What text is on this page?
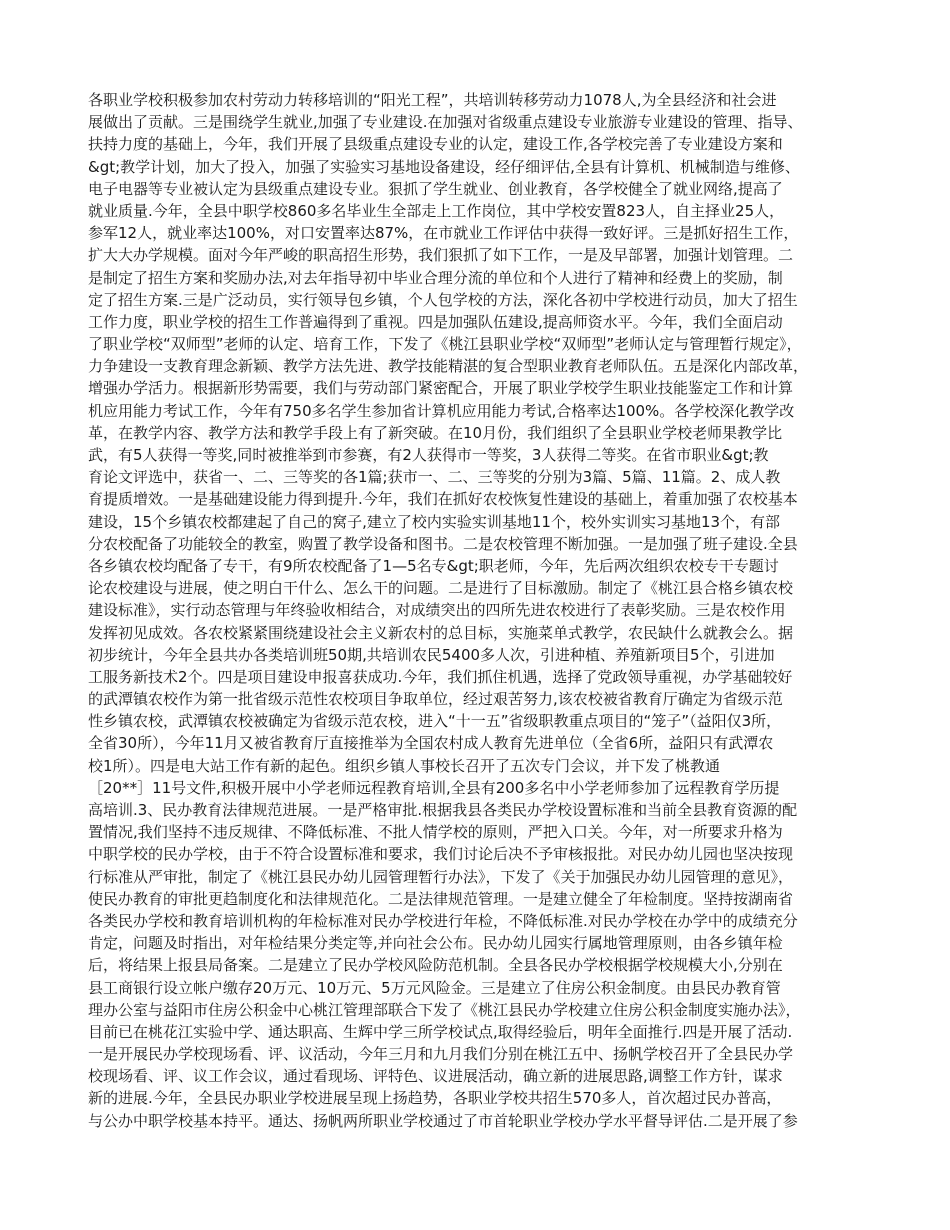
各职业学校积极参加农村劳动力转移培训的“阳光工程”，共培训转移劳动力1078人,为全县经济和社会进
展做出了贡献。三是围绕学生就业,加强了专业建设.在加强对省级重点建设专业旅游专业建设的管理、指导、
扶持力度的基础上，今年，我们开展了县级重点建设专业的认定，建设工作,各学校完善了专业建设方案和
&gt;教学计划，加大了投入，加强了实验实习基地设备建设，经仔细评估,全县有计算机、机械制造与维修、
电子电器等专业被认定为县级重点建设专业。狠抓了学生就业、创业教育，各学校健全了就业网络,提高了
就业质量.今年，全县中职学校860多名毕业生全部走上工作岗位，其中学校安置823人，自主择业25人，
参军12人，就业率达100%，对口安置率达87%，在市就业工作评估中获得一致好评。三是抓好招生工作，
扩大大办学规模。面对今年严峻的职高招生形势，我们狠抓了如下工作，一是及早部署，加强计划管理。二
是制定了招生方案和奖励办法,对去年指导初中毕业合理分流的单位和个人进行了精神和经费上的奖励，制
定了招生方案.三是广泛动员，实行领导包乡镇，个人包学校的方法，深化各初中学校进行动员，加大了招生
工作力度，职业学校的招生工作普遍得到了重视。四是加强队伍建设,提高师资水平。今年，我们全面启动
了职业学校“双师型”老师的认定、培育工作，下发了《桃江县职业学校“双师型”老师认定与管理暂行规定》，
力争建设一支教育理念新颖、教学方法先进、教学技能精湛的复合型职业教育老师队伍。五是深化内部改革，
增强办学活力。根据新形势需要，我们与劳动部门紧密配合，开展了职业学校学生职业技能鉴定工作和计算
机应用能力考试工作，今年有750多名学生参加省计算机应用能力考试,合格率达100%。各学校深化教学改
革，在教学内容、教学方法和教学手段上有了新突破。在10月份，我们组织了全县职业学校老师果教学比
武，有5人获得一等奖,同时被推举到市参赛，有2人获得市一等奖，3人获得二等奖。在省市职业&gt;教
育论文评选中，获省一、二、三等奖的各1篇;获市一、二、三等奖的分别为3篇、5篇、11篇。2、成人教
育提质增效。一是基础建设能力得到提升.今年，我们在抓好农校恢复性建设的基础上，着重加强了农校基本
建设，15个乡镇农校都建起了自己的窝子,建立了校内实验实训基地11个，校外实训实习基地13个，有部
分农校配备了功能较全的教室，购置了教学设备和图书。二是农校管理不断加强。一是加强了班子建设.全县
各乡镇农校均配备了专干，有9所农校配备了1—5名专&gt;职老师，今年，先后两次组织农校专干专题讨
论农校建设与进展，使之明白干什么、怎么干的问题。二是进行了目标激励。制定了《桃江县合格乡镇农校
建设标准》，实行动态管理与年终验收相结合，对成绩突出的四所先进农校进行了表彰奖励。三是农校作用
发挥初见成效。各农校紧紧围绕建设社会主义新农村的总目标，实施菜单式教学，农民缺什么就教会么。据
初步统计，今年全县共办各类培训班50期,共培训农民5400多人次，引进种植、养殖新项目5个，引进加
工服务新技术2个。四是项目建设申报喜获成功.今年，我们抓住机遇，选择了党政领导重视，办学基础较好
的武潭镇农校作为第一批省级示范性农校项目争取单位，经过艰苦努力,该农校被省教育厅确定为省级示范
性乡镇农校，武潭镇农校被确定为省级示范农校，进入“十一五”省级职教重点项目的“笼子”（益阳仅3所，
全省30所），今年11月又被省教育厅直接推举为全国农村成人教育先进单位（全省6所，益阳只有武潭农
校1所）。四是电大站工作有新的起色。组织乡镇人事校长召开了五次专门会议，并下发了桃教通
［20**］11号文件,积极开展中小学老师远程教育培训,全县有200多名中小学老师参加了远程教育学历提
高培训.3、民办教育法律规范进展。一是严格审批.根据我县各类民办学校设置标准和当前全县教育资源的配
置情况,我们坚持不违反规律、不降低标准、不批人情学校的原则，严把入口关。今年，对一所要求升格为
中职学校的民办学校，由于不符合设置标准和要求，我们讨论后决不予审核报批。对民办幼儿园也坚决按现
行标准从严审批，制定了《桃江县民办幼儿园管理暂行办法》，下发了《关于加强民办幼儿园管理的意见》，
使民办教育的审批更趋制度化和法律规范化。二是法律规范管理。一是建立健全了年检制度。坚持按湖南省
各类民办学校和教育培训机构的年检标准对民办学校进行年检，不降低标准.对民办学校在办学中的成绩充分
肯定，问题及时指出，对年检结果分类定等,并向社会公布。民办幼儿园实行属地管理原则，由各乡镇年检
后，将结果上报县局备案。二是建立了民办学校风险防范机制。全县各民办学校根据学校规模大小,分别在
县工商银行设立帐户缴存20万元、10万元、5万元风险金。三是建立了住房公积金制度。由县民办教育管
理办公室与益阳市住房公积金中心桃江管理部联合下发了《桃江县民办学校建立住房公积金制度实施办法》，
目前已在桃花江实验中学、通达职高、生辉中学三所学校试点,取得经验后，明年全面推行.四是开展了活动.
一是开展民办学校现场看、评、议活动，今年三月和九月我们分别在桃江五中、扬帆学校召开了全县民办学
校现场看、评、议工作会议，通过看现场、评特色、议进展活动，确立新的进展思路,调整工作方针，谋求
新的进展.今年，全县民办职业学校进展呈现上扬趋势，各职业学校共招生570多人，首次超过民办普高，
与公办中职学校基本持平。通达、扬帆两所职业学校通过了市首轮职业学校办学水平督导评估.二是开展了参
